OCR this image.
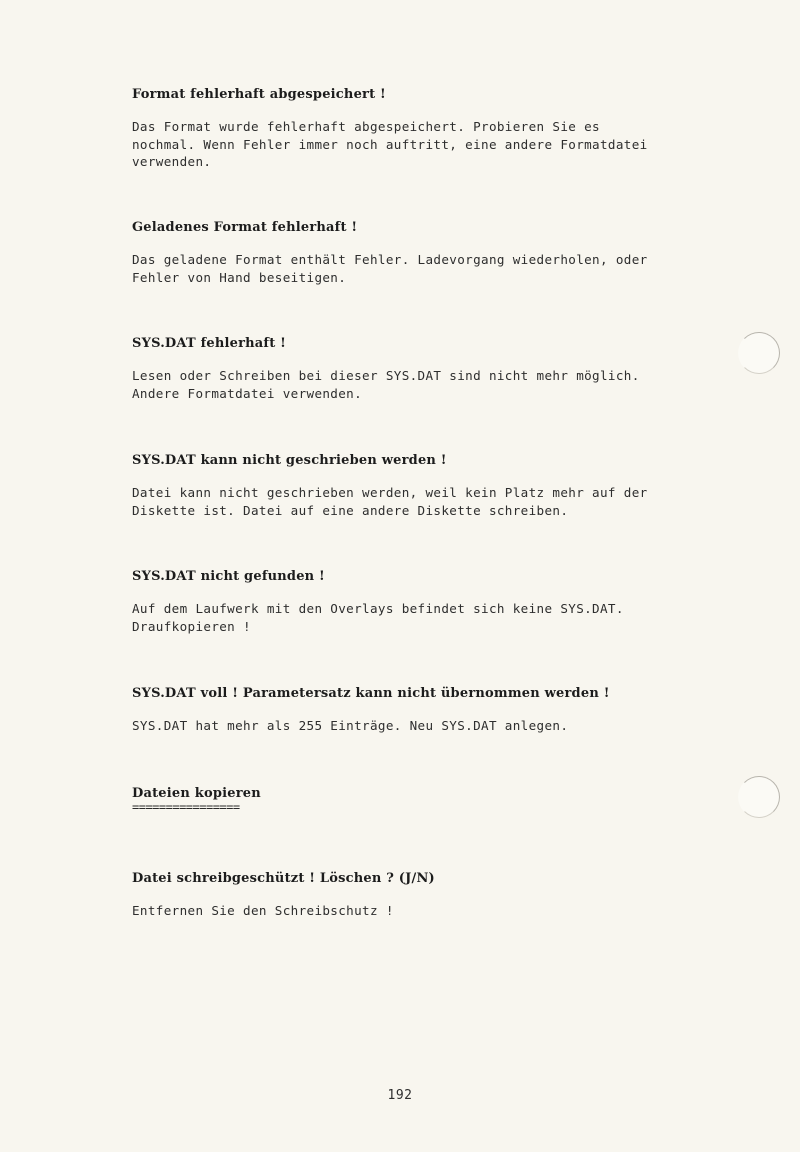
Format fehlerhaft abgespeichert !

Das Format wurde fehlerhaft abgespeichert. Probieren Sie es

nochmal. Wenn Fehler immer noch auftritt, eine andere Formatdatei

verwenden.

Geladenes Format fehlerhaft !

Das geladene Format enthält Fehler. Ladevorgang wiederholen, oder

Fehler von Hand beseitigen.

SYS.DAT fehlerhaft !

Lesen oder Schreiben bei dieser SYS.DAT sind nicht mehr möglich.

Andere Formatdatei verwenden.

SYS.DAT kann nicht geschrieben werden !

Datei kann nicht geschrieben werden, weil kein Platz mehr auf der

Diskette ist. Datei auf eine andere Diskette schreiben.

SYS.DAT nicht gefunden !

Auf dem Laufwerk mit den Overlays befindet sich keine SYS.DAT.

Draufkopieren !

SYS.DAT voll ! Parametersatz kann nicht übernommen werden !

SYS.DAT hat mehr als 255 Einträge. Neu SYS.DAT anlegen.

Dateien kopieren
================
Datei schreibgeschützt ! Löschen ? (J/N)

Entfernen Sie den Schreibschutz !

192
